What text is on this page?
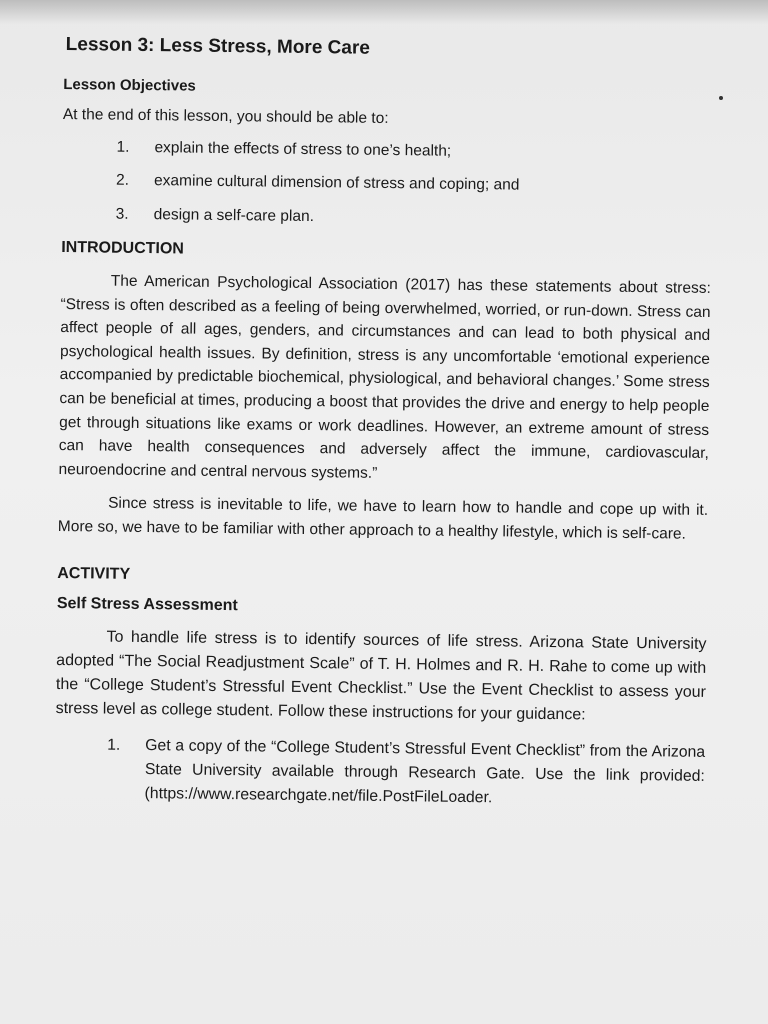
Lesson 3: Less Stress, More Care
Lesson Objectives

At the end of this lesson, you should be able to:

1. explain the effects of stress to one’s health;
2. examine cultural dimension of stress and coping; and
3. design a self-care plan.
INTRODUCTION

The American Psychological Association (2017) has these statements about stress: “Stress is often described as a feeling of being overwhelmed, worried, or run-down. Stress can affect people of all ages, genders, and circumstances and can lead to both physical and psychological health issues. By definition, stress is any uncomfortable ‘emotional experience accompanied by predictable biochemical, physiological, and behavioral changes.’ Some stress can be beneficial at times, producing a boost that provides the drive and energy to help people get through situations like exams or work deadlines. However, an extreme amount of stress can have health consequences and adversely affect the immune, cardiovascular, neuroendocrine and central nervous systems.”

Since stress is inevitable to life, we have to learn how to handle and cope up with it. More so, we have to be familiar with other approach to a healthy lifestyle, which is self-care.

ACTIVITY
Self Stress Assessment

To handle life stress is to identify sources of life stress. Arizona State University adopted “The Social Readjustment Scale” of T. H. Holmes and R. H. Rahe to come up with the “College Student’s Stressful Event Checklist.” Use the Event Checklist to assess your stress level as college student. Follow these instructions for your guidance:

1. Get a copy of the “College Student’s Stressful Event Checklist” from the Arizona State University available through Research Gate. Use the link provided: (https://www.researchgate.net/file.PostFileLoader.
